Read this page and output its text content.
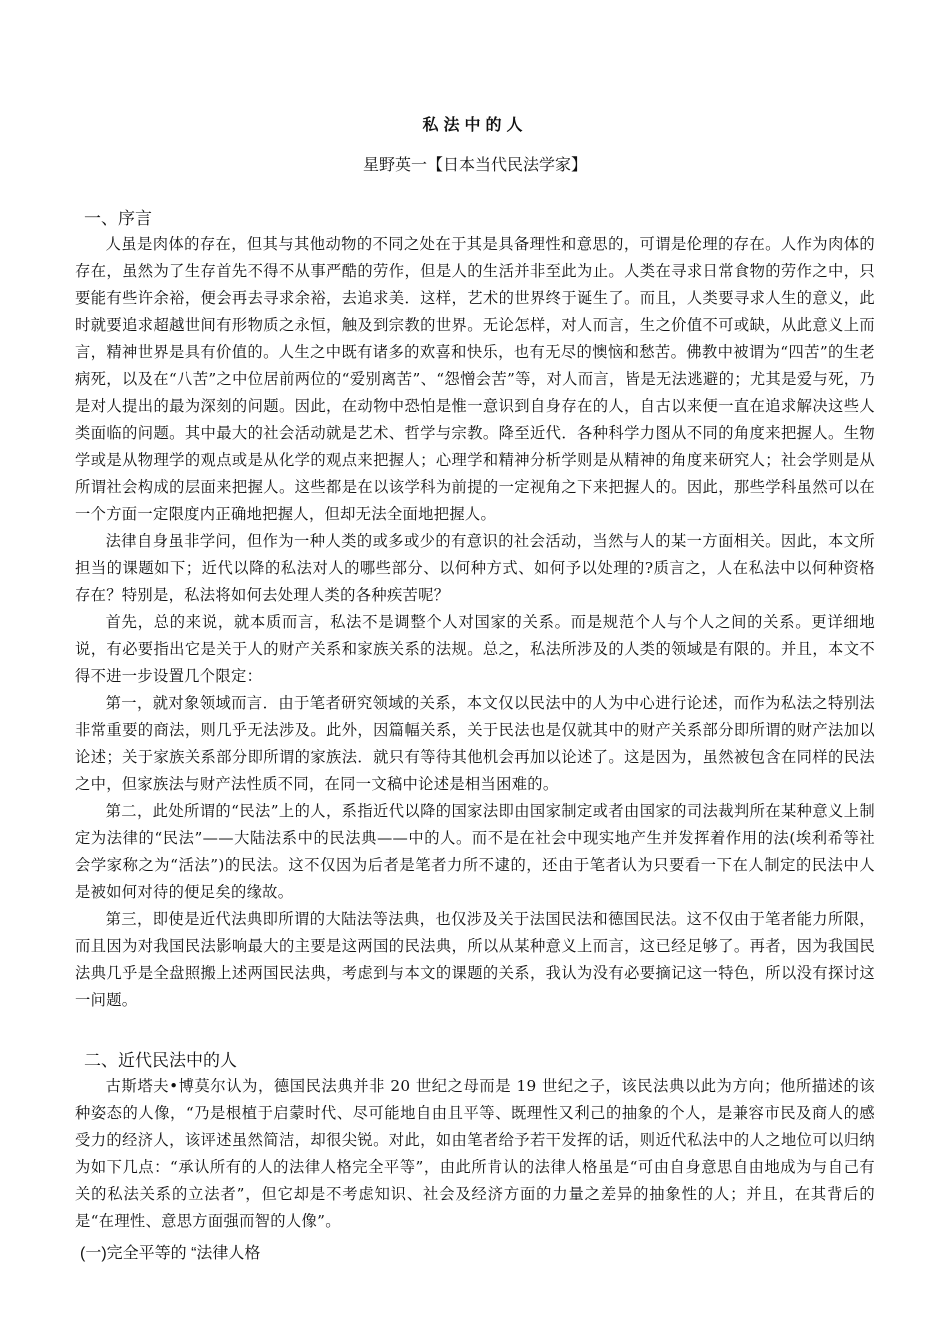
私法中的人
星野英一【日本当代民法学家】
一、序言

人虽是肉体的存在，但其与其他动物的不同之处在于其是具备理性和意思的，可谓是伦理的存在。人作为肉体的存在，虽然为了生存首先不得不从事严酷的劳作，但是人的生活并非至此为止。人类在寻求日常食物的劳作之中，只要能有些许余裕，便会再去寻求余裕，去追求美．这样，艺术的世界终于诞生了。而且，人类要寻求人生的意义，此时就要追求超越世间有形物质之永恒，触及到宗教的世界。无论怎样，对人而言，生之价值不可或缺，从此意义上而言，精神世界是具有价值的。人生之中既有诸多的欢喜和快乐，也有无尽的懊恼和愁苦。佛教中被谓为“四苦”的生老病死，以及在“八苦”之中位居前两位的“爱别离苦”、“怨憎会苦”等，对人而言，皆是无法逃避的；尤其是爱与死，乃是对人提出的最为深刻的问题。因此，在动物中恐怕是惟一意识到自身存在的人，自古以来便一直在追求解决这些人类面临的问题。其中最大的社会活动就是艺术、哲学与宗教。降至近代．各种科学力图从不同的角度来把握人。生物学或是从物理学的观点或是从化学的观点来把握人；心理学和精神分析学则是从精神的角度来研究人；社会学则是从所谓社会构成的层面来把握人。这些都是在以该学科为前提的一定视角之下来把握人的。因此，那些学科虽然可以在一个方面一定限度内正确地把握人，但却无法全面地把握人。

法律自身虽非学问，但作为一种人类的或多或少的有意识的社会活动，当然与人的某一方面相关。因此，本文所担当的课题如下；近代以降的私法对人的哪些部分、以何种方式、如何予以处理的?质言之，人在私法中以何种资格存在？特别是，私法将如何去处理人类的各种疾苦呢？

首先，总的来说，就本质而言，私法不是调整个人对国家的关系。而是规范个人与个人之间的关系。更详细地说，有必要指出它是关于人的财产关系和家族关系的法规。总之，私法所涉及的人类的领域是有限的。并且，本文不得不进一步设置几个限定：

第一，就对象领域而言．由于笔者研究领域的关系，本文仅以民法中的人为中心进行论述，而作为私法之特别法非常重要的商法，则几乎无法涉及。此外，因篇幅关系，关于民法也是仅就其中的财产关系部分即所谓的财产法加以论述；关于家族关系部分即所谓的家族法．就只有等待其他机会再加以论述了。这是因为，虽然被包含在同样的民法之中，但家族法与财产法性质不同，在同一文稿中论述是相当困难的。

第二，此处所谓的“民法”上的人，系指近代以降的国家法即由国家制定或者由国家的司法裁判所在某种意义上制定为法律的“民法”——大陆法系中的民法典——中的人。而不是在社会中现实地产生并发挥着作用的法(埃利希等社会学家称之为“活法”)的民法。这不仅因为后者是笔者力所不逮的，还由于笔者认为只要看一下在人制定的民法中人是被如何对待的便足矣的缘故。

第三，即使是近代法典即所谓的大陆法等法典，也仅涉及关于法国民法和德国民法。这不仅由于笔者能力所限，而且因为对我国民法影响最大的主要是这两国的民法典，所以从某种意义上而言，这已经足够了。再者，因为我国民法典几乎是全盘照搬上述两国民法典，考虑到与本文的课题的关系，我认为没有必要摘记这一特色，所以没有探讨这一问题。

二、近代民法中的人

古斯塔夫•博莫尔认为，德国民法典并非 20 世纪之母而是 19 世纪之子，该民法典以此为方向；他所描述的该种姿态的人像，“乃是根植于启蒙时代、尽可能地自由且平等、既理性又利己的抽象的个人，是兼容市民及商人的感受力的经济人，该评述虽然简洁，却很尖锐。对此，如由笔者给予若干发挥的话，则近代私法中的人之地位可以归纳为如下几点：“承认所有的人的法律人格完全平等”，由此所肯认的法律人格虽是“可由自身意思自由地成为与自己有关的私法关系的立法者”，但它却是不考虑知识、社会及经济方面的力量之差异的抽象性的人；并且，在其背后的是“在理性、意思方面强而智的人像”。

(一)完全平等的 “法律人格
